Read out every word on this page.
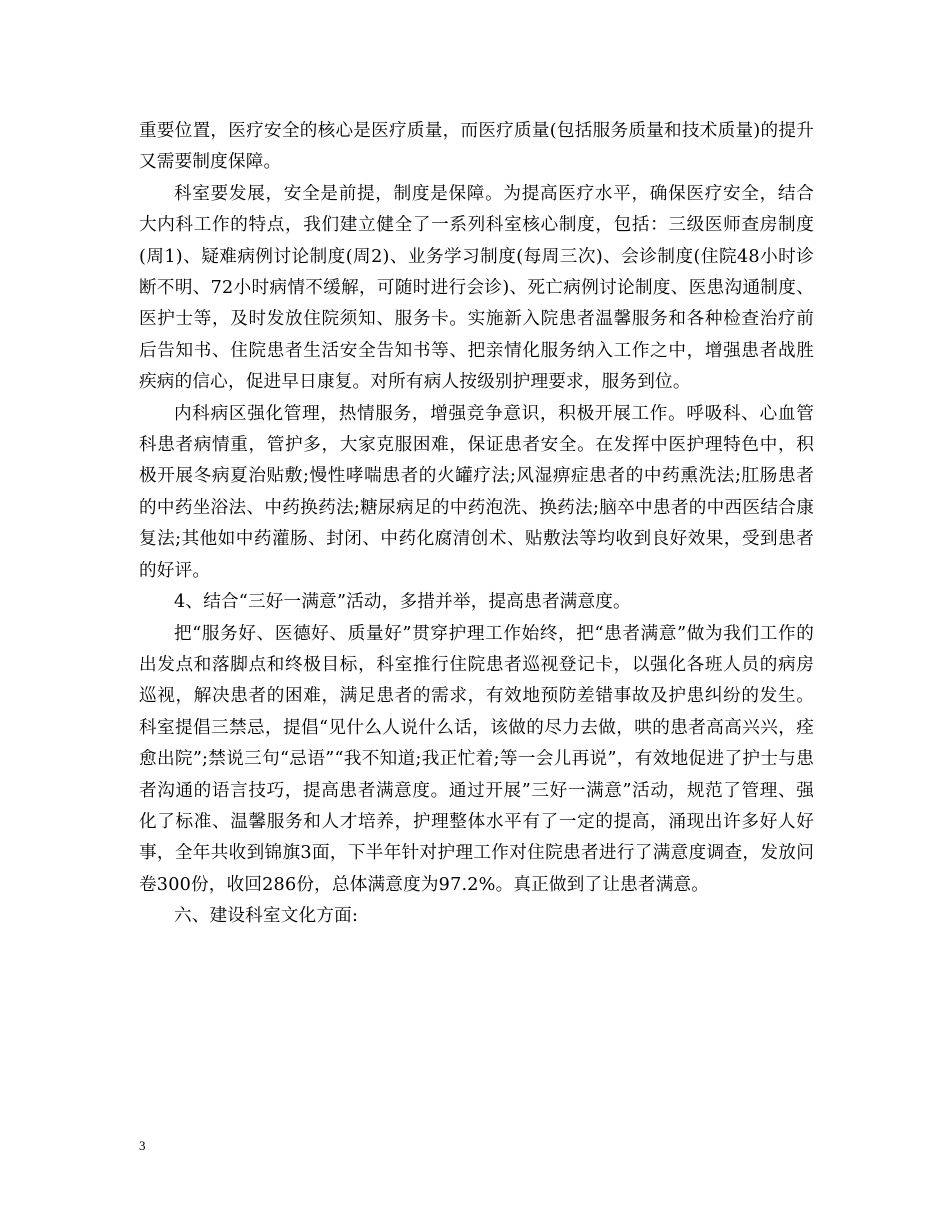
重要位置，医疗安全的核心是医疗质量，而医疗质量(包括服务质量和技术质量)的提升又需要制度保障。

科室要发展，安全是前提，制度是保障。为提高医疗水平，确保医疗安全，结合大内科工作的特点，我们建立健全了一系列科室核心制度，包括：三级医师查房制度(周1)、疑难病例讨论制度(周2)、业务学习制度(每周三次)、会诊制度(住院48小时诊断不明、72小时病情不缓解，可随时进行会诊)、死亡病例讨论制度、医患沟通制度、医护士等，及时发放住院须知、服务卡。实施新入院患者温馨服务和各种检查治疗前后告知书、住院患者生活安全告知书等、把亲情化服务纳入工作之中，增强患者战胜疾病的信心，促进早日康复。对所有病人按级别护理要求，服务到位。

内科病区强化管理，热情服务，增强竞争意识，积极开展工作。呼吸科、心血管科患者病情重，管护多，大家克服困难，保证患者安全。在发挥中医护理特色中，积极开展冬病夏治贴敷;慢性哮喘患者的火罐疗法;风湿痹症患者的中药熏洗法;肛肠患者的中药坐浴法、中药换药法;糖尿病足的中药泡洗、换药法;脑卒中患者的中西医结合康复法;其他如中药灌肠、封闭、中药化腐清创术、贴敷法等均收到良好效果，受到患者的好评。

4、结合“三好一满意”活动，多措并举，提高患者满意度。

把“服务好、医德好、质量好”贯穿护理工作始终，把“患者满意”做为我们工作的出发点和落脚点和终极目标，科室推行住院患者巡视登记卡，以强化各班人员的病房巡视，解决患者的困难，满足患者的需求，有效地预防差错事故及护患纠纷的发生。科室提倡三禁忌，提倡“见什么人说什么话，该做的尽力去做，哄的患者高高兴兴，痊愈出院”;禁说三句“忌语”“我不知道;我正忙着;等一会儿再说”，有效地促进了护士与患者沟通的语言技巧，提高患者满意度。通过开展”三好一满意”活动，规范了管理、强化了标准、温馨服务和人才培养，护理整体水平有了一定的提高，涌现出许多好人好事，全年共收到锦旗3面，下半年针对护理工作对住院患者进行了满意度调查，发放问卷300份，收回286份，总体满意度为97.2%。真正做到了让患者满意。

六、建设科室文化方面:

3
